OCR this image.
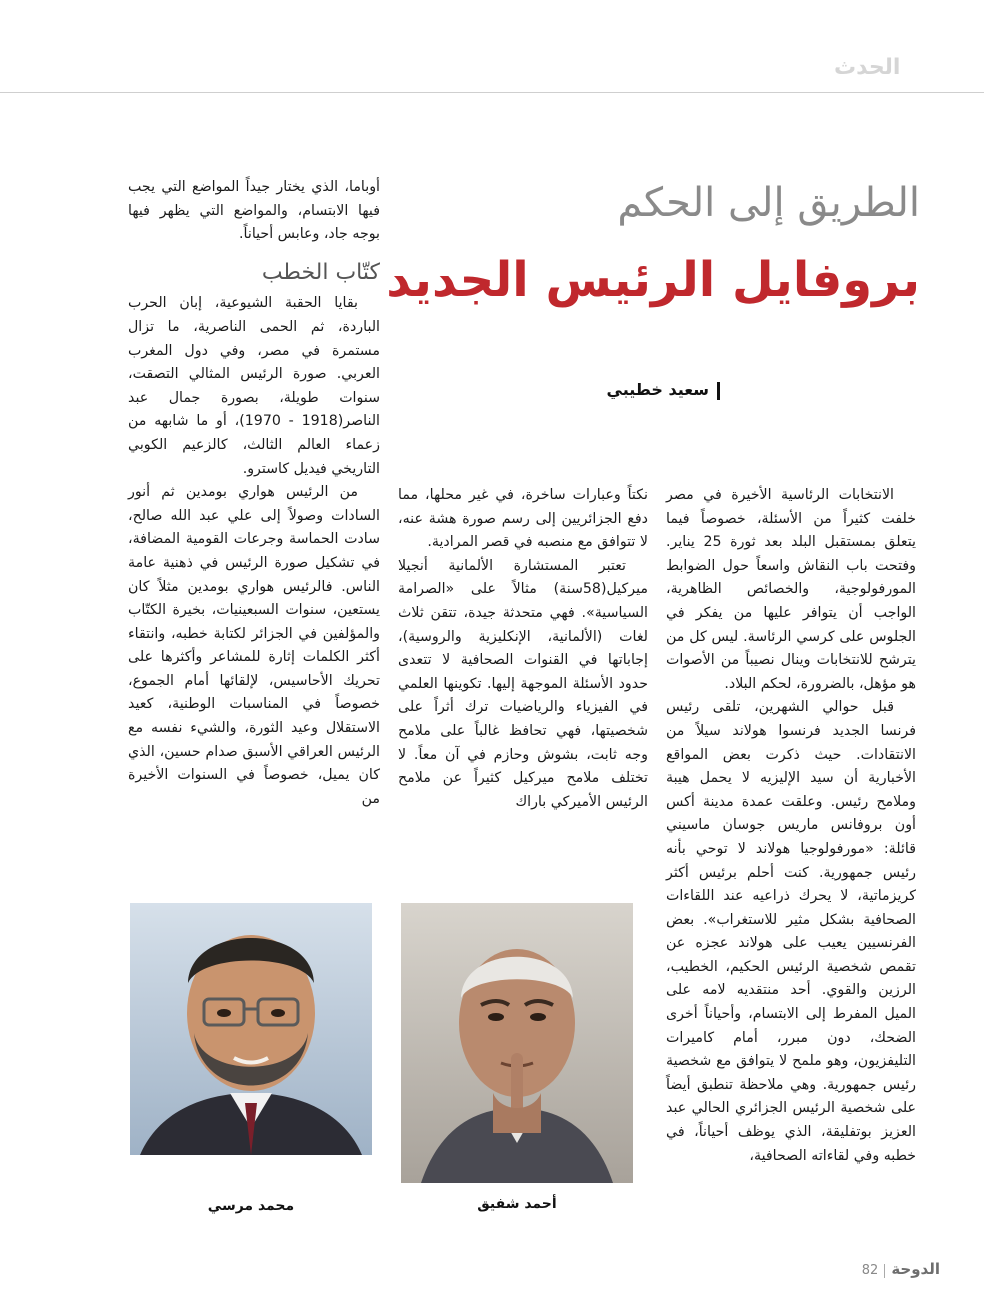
الحدث
الطريق إلى الحكم
بروفايل الرئيس الجديد
سعيد خطيبي

الانتخابات الرئاسية الأخيرة في مصر خلفت كثيراً من الأسئلة، خصوصاً فيما يتعلق بمستقبل البلد بعد ثورة 25 يناير. وفتحت باب النقاش واسعاً حول الضوابط المورفولوجية، والخصائص الظاهرية، الواجب أن يتوافر عليها من يفكر في الجلوس على كرسي الرئاسة. ليس كل من يترشح للانتخابات وينال نصيباً من الأصوات هو مؤهل، بالضرورة، لحكم البلاد.

قبل حوالي الشهرين، تلقى رئيس فرنسا الجديد فرنسوا هولاند سيلاً من الانتقادات. حيث ذكرت بعض المواقع الأخبارية أن سيد الإليزيه لا يحمل هيبة وملامح رئيس. وعلقت عمدة مدينة أكس أون بروفانس ماريس جوسان ماسيني قائلة: «مورفولوجيا هولاند لا توحي بأنه رئيس جمهورية. كنت أحلم برئيس أكثر كريزماتية، لا يحرك ذراعيه عند اللقاءات الصحافية بشكل مثير للاستغراب». بعض الفرنسيين يعيب على هولاند عجزه عن تقمص شخصية الرئيس الحكيم، الخطيب، الرزين والقوي. أحد منتقديه لامه على الميل المفرط إلى الابتسام، وأحياناً أخرى الضحك، دون مبرر، أمام كاميرات التليفزيون، وهو ملمح لا يتوافق مع شخصية رئيس جمهورية. وهي ملاحظة تنطبق أيضاً على شخصية الرئيس الجزائري الحالي عبد العزيز بوتفليقة، الذي يوظف أحياناً، في خطبه وفي لقاءاته الصحافية،

نكتاً وعبارات ساخرة، في غير محلها، مما دفع الجزائريين إلى رسم صورة هشة عنه، لا تتوافق مع منصبه في قصر المرادية.

تعتبر المستشارة الألمانية أنجيلا ميركيل(58سنة) مثالاً على «الصرامة السياسية». فهي متحدثة جيدة، تتقن ثلاث لغات (الألمانية، الإنكليزية والروسية)، إجاباتها في القنوات الصحافية لا تتعدى حدود الأسئلة الموجهة إليها. تكوينها العلمي في الفيزياء والرياضيات ترك أثراً على شخصيتها، فهي تحافظ غالباً على ملامح وجه ثابت، بشوش وحازم في آن معاً. لا تختلف ملامح ميركيل كثيراً عن ملامح الرئيس الأميركي باراك

أوباما، الذي يختار جيداً المواضع التي يجب فيها الابتسام، والمواضع التي يظهر فيها بوجه جاد، وعابس أحياناً.

كتّاب الخطب

بقايا الحقبة الشيوعية، إبان الحرب الباردة، ثم الحمى الناصرية، ما تزال مستمرة في مصر، وفي دول المغرب العربي. صورة الرئيس المثالي التصقت، سنوات طويلة، بصورة جمال عبد الناصر(1918 - 1970)، أو ما شابهه من زعماء العالم الثالث، كالزعيم الكوبي التاريخي فيديل كاسترو.

من الرئيس هواري بومدين ثم أنور السادات وصولاً إلى علي عبد الله صالح، سادت الحماسة وجرعات القومية المضافة، في تشكيل صورة الرئيس في ذهنية عامة الناس. فالرئيس هواري بومدين مثلاً كان يستعين، سنوات السبعينيات، بخيرة الكتّاب والمؤلفين في الجزائر لكتابة خطبه، وانتقاء أكثر الكلمات إثارة للمشاعر وأكثرها على تحريك الأحاسيس، لإلقائها أمام الجموع، خصوصاً في المناسبات الوطنية، كعيد الاستقلال وعيد الثورة، والشيء نفسه مع الرئيس العراقي الأسبق صدام حسين، الذي كان يميل، خصوصاً في السنوات الأخيرة من

أحمد شفيق
محمد مرسي
الدوحة82
